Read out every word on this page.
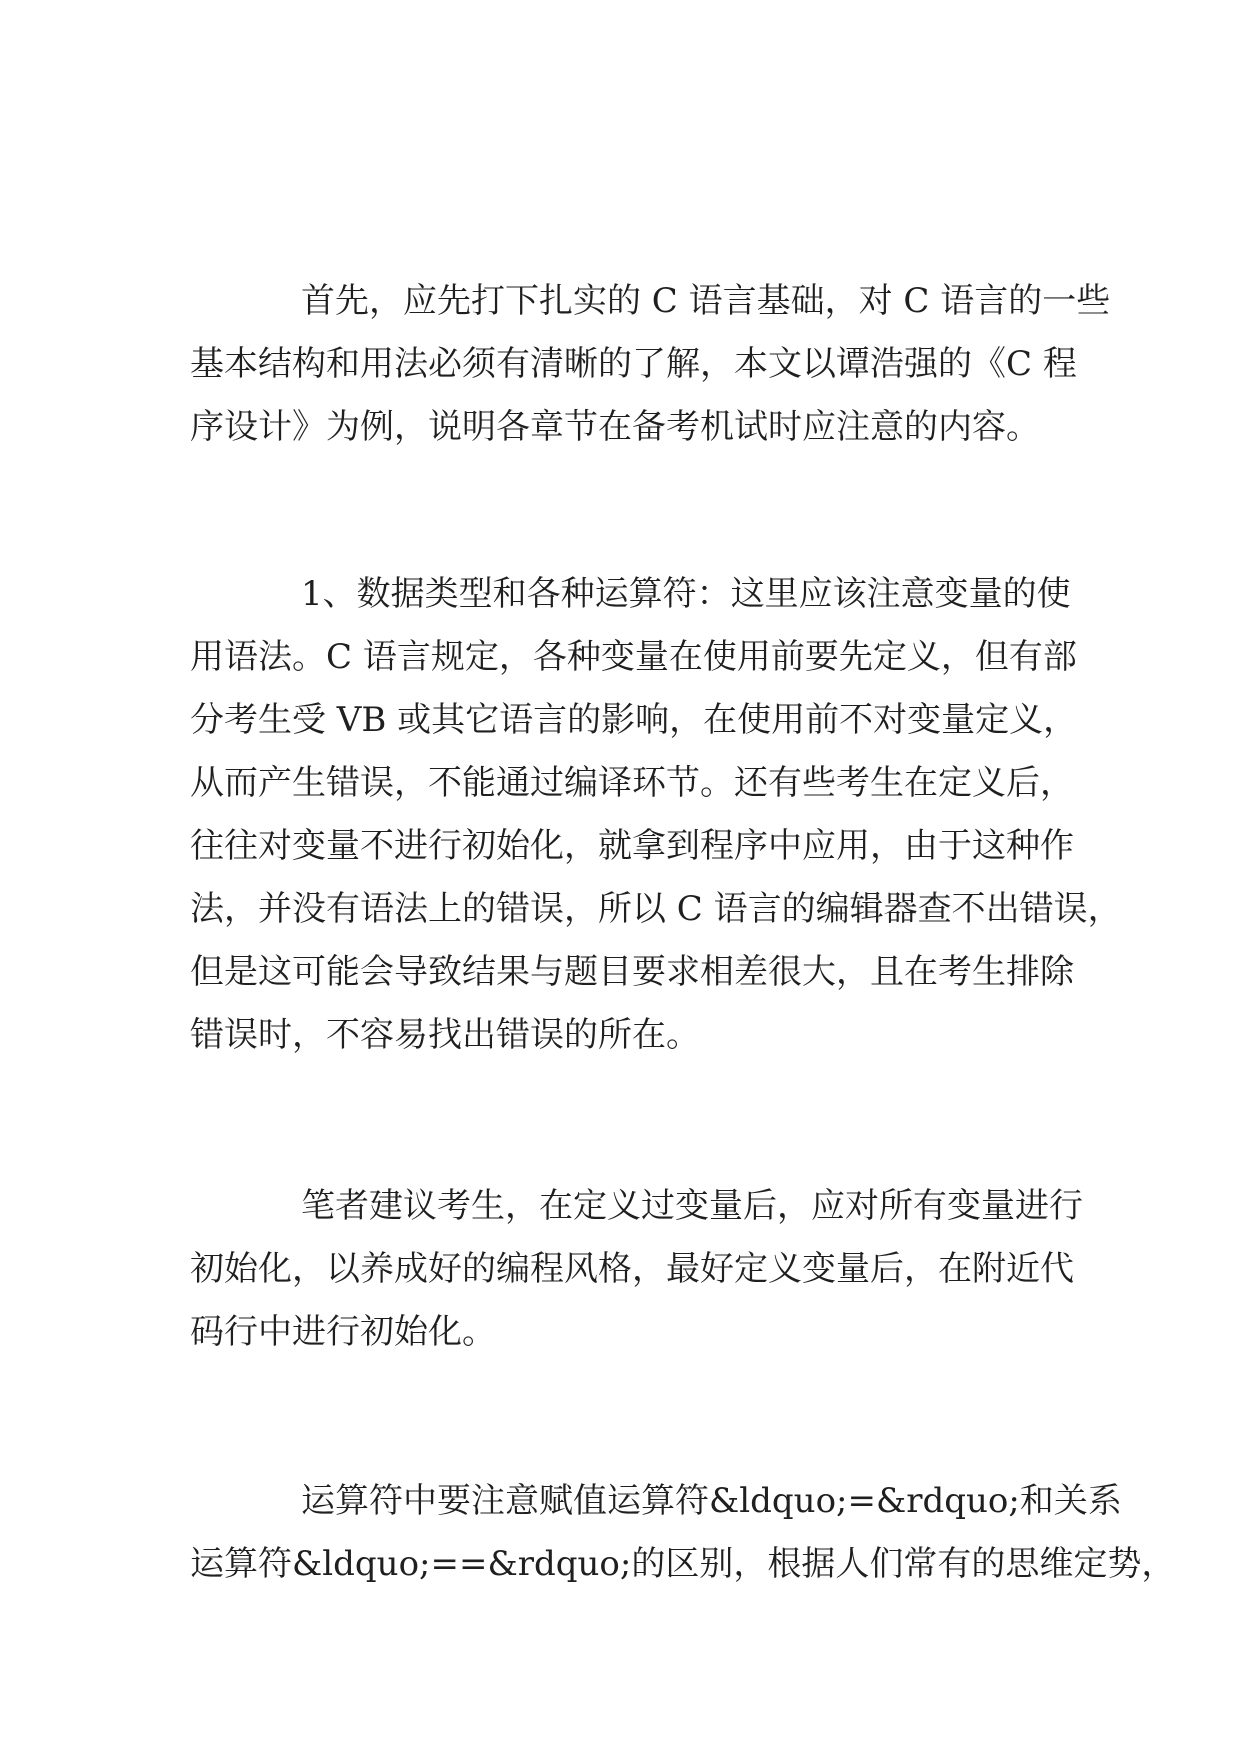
首先，应先打下扎实的 C 语言基础，对 C 语言的一些
基本结构和用法必须有清晰的了解，本文以谭浩强的《C 程
序设计》为例，说明各章节在备考机试时应注意的内容。
1、数据类型和各种运算符：这里应该注意变量的使
用语法。C 语言规定，各种变量在使用前要先定义，但有部
分考生受 VB 或其它语言的影响，在使用前不对变量定义，
从而产生错误，不能通过编译环节。还有些考生在定义后，
往往对变量不进行初始化，就拿到程序中应用，由于这种作
法，并没有语法上的错误，所以 C 语言的编辑器查不出错误，
但是这可能会导致结果与题目要求相差很大，且在考生排除
错误时，不容易找出错误的所在。
笔者建议考生，在定义过变量后，应对所有变量进行
初始化，以养成好的编程风格，最好定义变量后，在附近代
码行中进行初始化。
运算符中要注意赋值运算符&ldquo;=&rdquo;和关系
运算符&ldquo;==&rdquo;的区别，根据人们常有的思维定势，
